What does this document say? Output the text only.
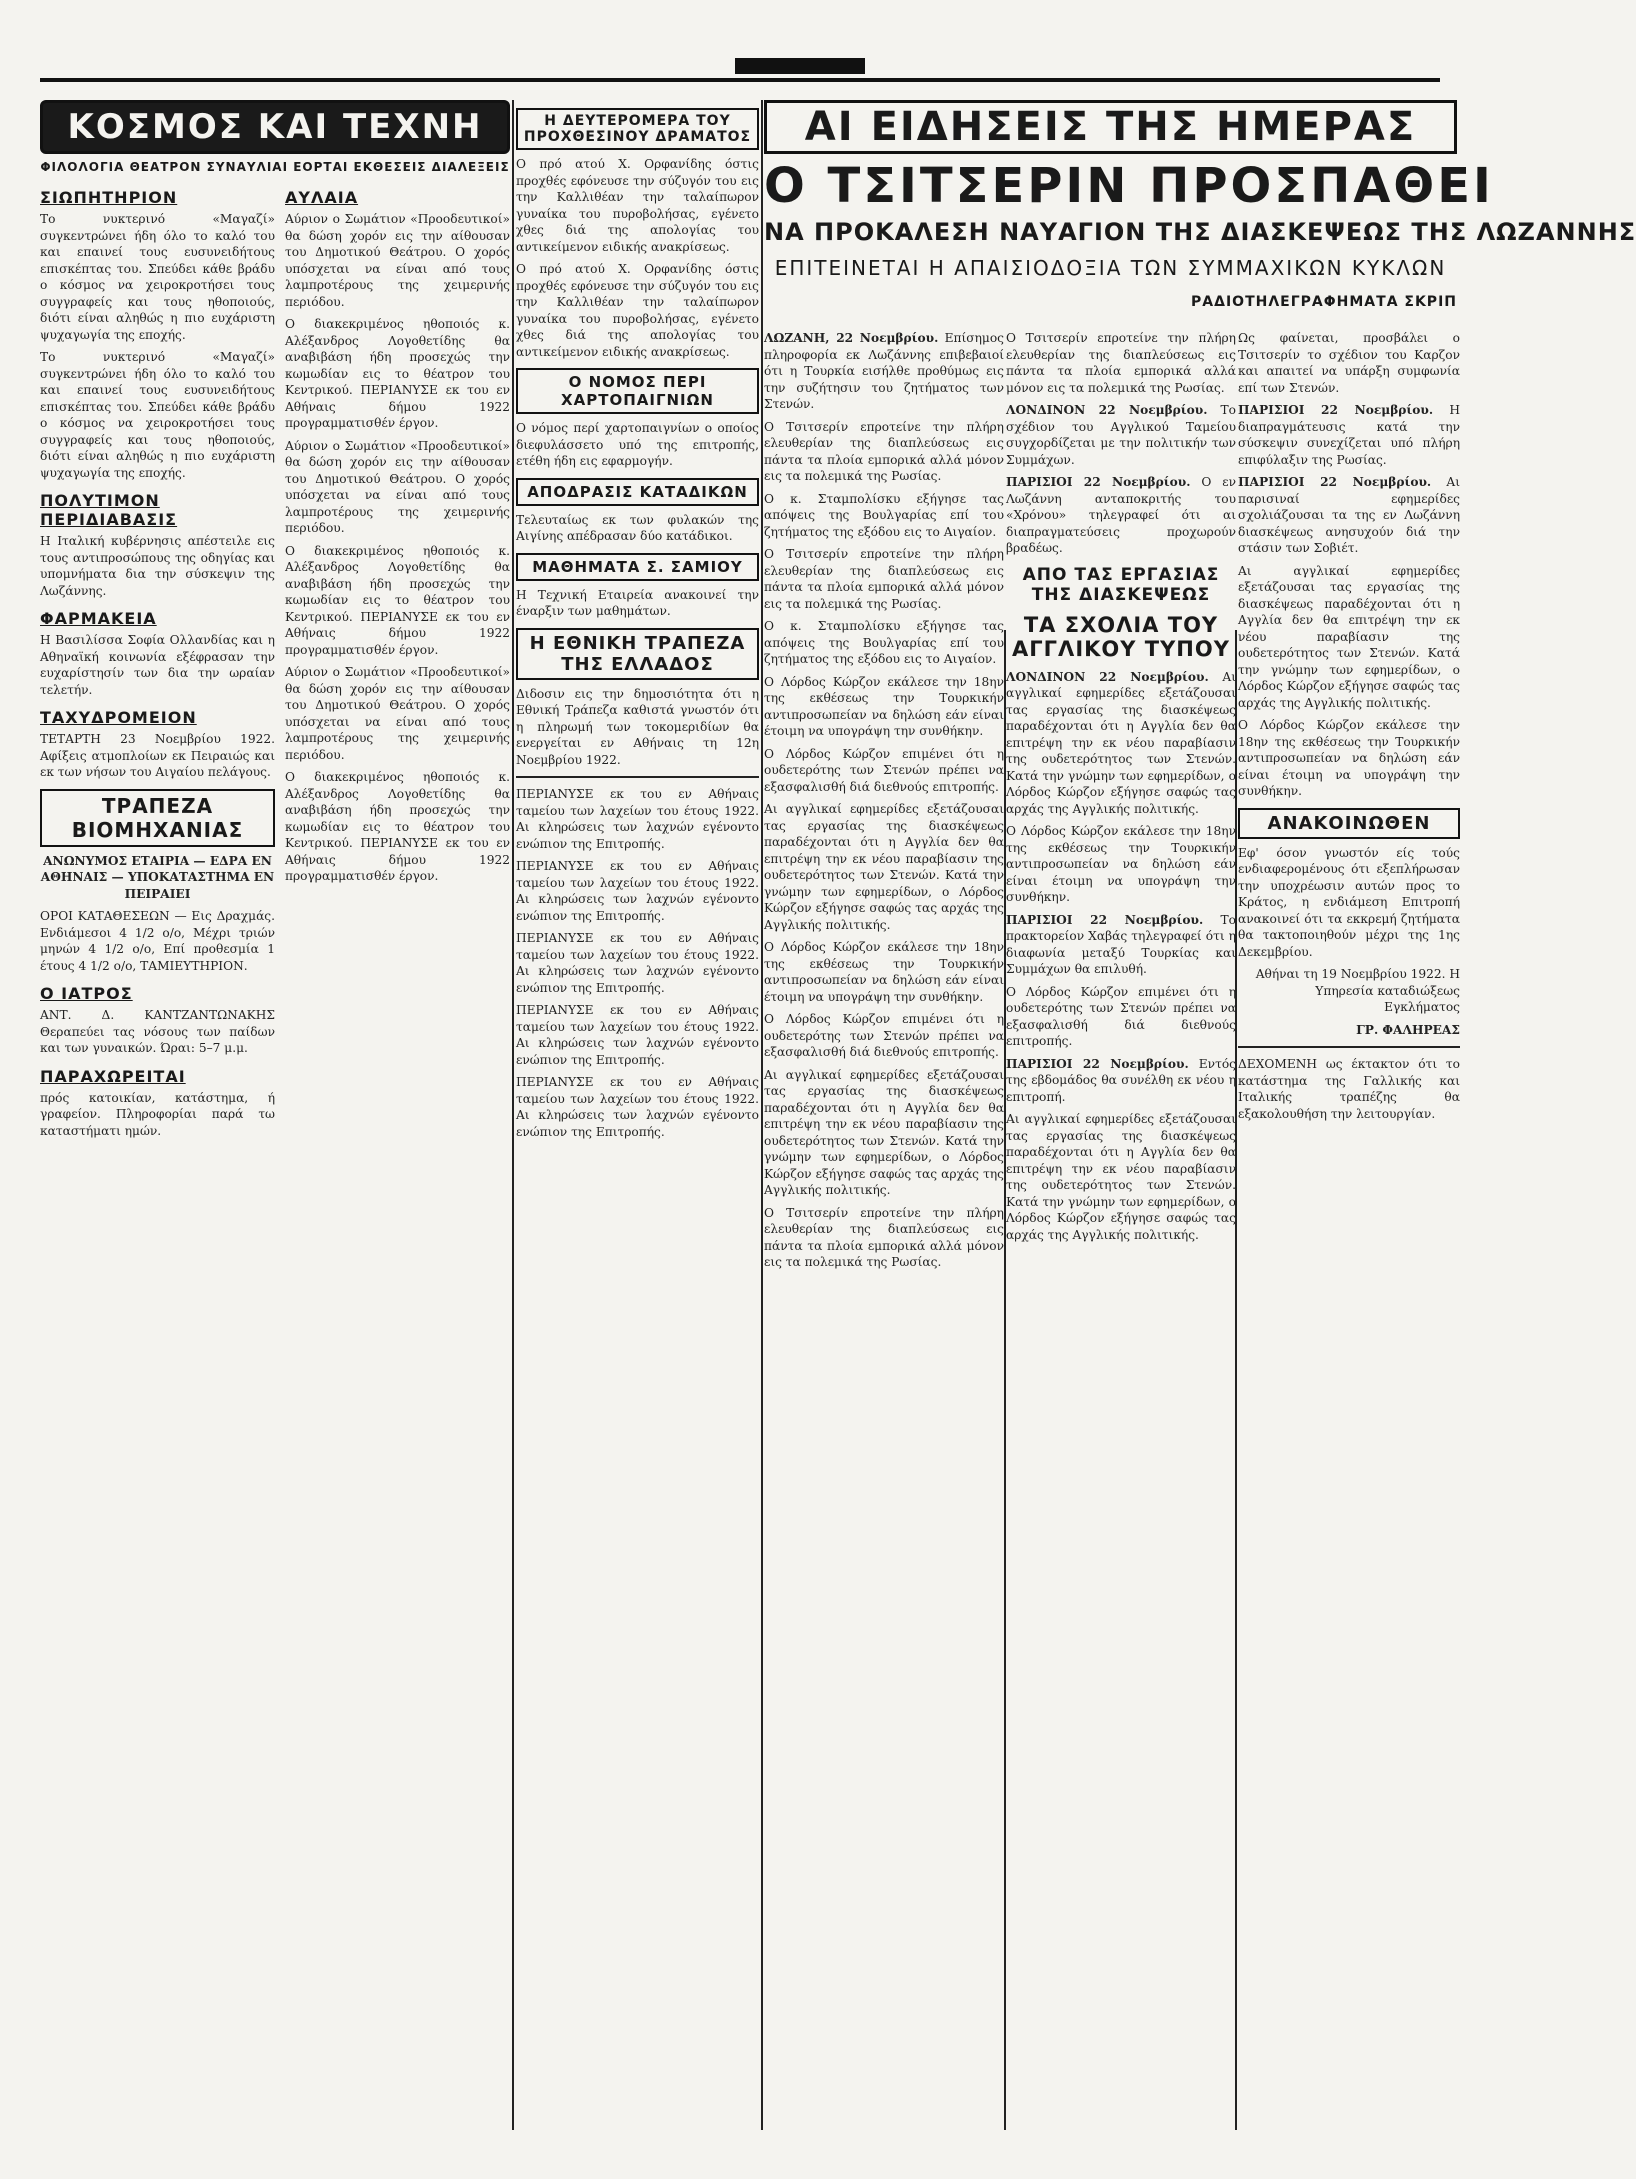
ΚΟΣΜΟΣ ΚΑΙ ΤΕΧΝΗ
ΦΙΛΟΛΟΓΙΑ ΘΕΑΤΡΟΝ ΣΥΝΑΥΛΙΑΙ ΕΟΡΤΑΙ ΕΚΘΕΣΕΙΣ ΔΙΑΛΕΞΕΙΣ
ΣΙΩΠΗΤΗΡΙΟΝ

Το νυκτερινό «Μαγαζί» συγκεντρώνει ήδη όλο το καλό του και επαινεί τους ευσυνειδήτους επισκέπτας του. Σπεύδει κάθε βράδυ ο κόσμος να χειροκροτήσει τους συγγραφείς και τους ηθοποιούς, διότι είναι αληθώς η πιο ευχάριστη ψυχαγωγία της εποχής.

Το νυκτερινό «Μαγαζί» συγκεντρώνει ήδη όλο το καλό του και επαινεί τους ευσυνειδήτους επισκέπτας του. Σπεύδει κάθε βράδυ ο κόσμος να χειροκροτήσει τους συγγραφείς και τους ηθοποιούς, διότι είναι αληθώς η πιο ευχάριστη ψυχαγωγία της εποχής.

ΠΟΛΥΤΙΜΟΝ ΠΕΡΙΔΙΑΒΑΣΙΣ

Η Ιταλική κυβέρνησις απέστειλε εις τους αντιπροσώπους της οδηγίας και υπομνήματα δια την σύσκεψιν της Λωζάννης.

ΦΑΡΜΑΚΕΙΑ

Η Βασιλίσσα Σοφία Ολλανδίας και η Αθηναϊκή κοινωνία εξέφρασαν την ευχαρίστησίν των δια την ωραίαν τελετήν.

ΤΑΧΥΔΡΟΜΕΙΟΝ

ΤΕΤΑΡΤΗ 23 Νοεμβρίου 1922. Αφίξεις ατμοπλοίων εκ Πειραιώς και εκ των νήσων του Αιγαίου πελάγους.

ΤΡΑΠΕΖΑ ΒΙΟΜΗΧΑΝΙΑΣ

ΑΝΩΝΥΜΟΣ ΕΤΑΙΡΙΑ — ΕΔΡΑ ΕΝ ΑΘΗΝΑΙΣ — ΥΠΟΚΑΤΑΣΤΗΜΑ ΕΝ ΠΕΙΡΑΙΕΙ

ΟΡΟΙ ΚΑΤΑΘΕΣΕΩΝ — Εις Δραχμάς. Ενδιάμεσοι 4 1/2 ο/ο, Μέχρι τριών μηνών 4 1/2 ο/ο, Επί προθεσμία 1 έτους 4 1/2 ο/ο, ΤΑΜΙΕΥΤΗΡΙΟΝ.

Ο ΙΑΤΡΟΣ

ΑΝΤ. Δ. ΚΑΝΤΖΑΝΤΩΝΑΚΗΣ Θεραπεύει τας νόσους των παίδων και των γυναικών. Ώραι: 5–7 μ.μ.

ΠΑΡΑΧΩΡΕΙΤΑΙ

πρός κατοικίαν, κατάστημα, ή γραφείον. Πληροφορίαι παρά τω καταστήματι ημών.

ΑΥΛΑΙΑ

Αύριον ο Σωμάτιον «Προοδευτικοί» θα δώση χορόν εις την αίθουσαν του Δημοτικού Θεάτρου. Ο χορός υπόσχεται να είναι από τους λαμπροτέρους της χειμερινής περιόδου.

Ο διακεκριμένος ηθοποιός κ. Αλέξανδρος Λογοθετίδης θα αναβιβάση ήδη προσεχώς την κωμωδίαν εις το θέατρον του Κεντρικού. ΠΕΡΙΑΝΥΣΕ εκ του εν Αθήναις δήμου 1922 προγραμματισθέν έργον.

Αύριον ο Σωμάτιον «Προοδευτικοί» θα δώση χορόν εις την αίθουσαν του Δημοτικού Θεάτρου. Ο χορός υπόσχεται να είναι από τους λαμπροτέρους της χειμερινής περιόδου.

Ο διακεκριμένος ηθοποιός κ. Αλέξανδρος Λογοθετίδης θα αναβιβάση ήδη προσεχώς την κωμωδίαν εις το θέατρον του Κεντρικού. ΠΕΡΙΑΝΥΣΕ εκ του εν Αθήναις δήμου 1922 προγραμματισθέν έργον.

Αύριον ο Σωμάτιον «Προοδευτικοί» θα δώση χορόν εις την αίθουσαν του Δημοτικού Θεάτρου. Ο χορός υπόσχεται να είναι από τους λαμπροτέρους της χειμερινής περιόδου.

Ο διακεκριμένος ηθοποιός κ. Αλέξανδρος Λογοθετίδης θα αναβιβάση ήδη προσεχώς την κωμωδίαν εις το θέατρον του Κεντρικού. ΠΕΡΙΑΝΥΣΕ εκ του εν Αθήναις δήμου 1922 προγραμματισθέν έργον.

Η ΔΕΥΤΕΡΟΜΕΡΑ ΤΟΥ ΠΡΟΧΘΕΣΙΝΟΥ ΔΡΑΜΑΤΟΣ

Ο πρό ατού Χ. Ορφανίδης όστις προχθές εφόνευσε την σύζυγόν του εις την Καλλιθέαν την ταλαίπωρον γυναίκα του πυροβολήσας, εγένετο χθες διά της απολογίας του αντικείμενον ειδικής ανακρίσεως.

Ο πρό ατού Χ. Ορφανίδης όστις προχθές εφόνευσε την σύζυγόν του εις την Καλλιθέαν την ταλαίπωρον γυναίκα του πυροβολήσας, εγένετο χθες διά της απολογίας του αντικείμενον ειδικής ανακρίσεως.

Ο ΝΟΜΟΣ ΠΕΡΙ ΧΑΡΤΟΠΑΙΓΝΙΩΝ

Ο νόμος περί χαρτοπαιγνίων ο οποίος διεφυλάσσετο υπό της επιτροπής, ετέθη ήδη εις εφαρμογήν.

ΑΠΟΔΡΑΣΙΣ ΚΑΤΑΔΙΚΩΝ

Τελευταίως εκ των φυλακών της Αιγίνης απέδρασαν δύο κατάδικοι.

ΜΑΘΗΜΑΤΑ Σ. ΣΑΜΙΟΥ

Η Τεχνική Εταιρεία ανακοινεί την έναρξιν των μαθημάτων.

Η ΕΘΝΙΚΗ ΤΡΑΠΕΖΑ ΤΗΣ ΕΛΛΑΔΟΣ

Διδοσιν εις την δημοσιότητα ότι η Εθνική Τράπεζα καθιστά γνωστόν ότι η πληρωμή των τοκομεριδίων θα ενεργείται εν Αθήναις τη 12η Νοεμβρίου 1922.

ΠΕΡΙΑΝΥΣΕ εκ του εν Αθήναις ταμείου των λαχείων του έτους 1922. Αι κληρώσεις των λαχνών εγένοντο ενώπιον της Επιτροπής.

ΠΕΡΙΑΝΥΣΕ εκ του εν Αθήναις ταμείου των λαχείων του έτους 1922. Αι κληρώσεις των λαχνών εγένοντο ενώπιον της Επιτροπής.

ΠΕΡΙΑΝΥΣΕ εκ του εν Αθήναις ταμείου των λαχείων του έτους 1922. Αι κληρώσεις των λαχνών εγένοντο ενώπιον της Επιτροπής.

ΠΕΡΙΑΝΥΣΕ εκ του εν Αθήναις ταμείου των λαχείων του έτους 1922. Αι κληρώσεις των λαχνών εγένοντο ενώπιον της Επιτροπής.

ΠΕΡΙΑΝΥΣΕ εκ του εν Αθήναις ταμείου των λαχείων του έτους 1922. Αι κληρώσεις των λαχνών εγένοντο ενώπιον της Επιτροπής.

ΑΙ ΕΙΔΗΣΕΙΣ ΤΗΣ ΗΜΕΡΑΣ
Ο ΤΣΙΤΣΕΡΙΝ ΠΡΟΣΠΑΘΕΙ
ΝΑ ΠΡΟΚΑΛΕΣΗ ΝΑΥΑΓΙΟΝ ΤΗΣ ΔΙΑΣΚΕΨΕΩΣ ΤΗΣ ΛΩΖΑΝΝΗΣ
ΕΠΙΤΕΙΝΕΤΑΙ Η ΑΠΑΙΣΙΟΔΟΞΙΑ ΤΩΝ ΣΥΜΜΑΧΙΚΩΝ ΚΥΚΛΩΝ
ΡΑΔΙΟΤΗΛΕΓΡΑΦΗΜΑΤΑ ΣΚΡΙΠ

ΛΩΖΑΝΗ, 22 Νοεμβρίου. Επίσημος πληροφορία εκ Λωζάννης επιβεβαιοί ότι η Τουρκία εισήλθε προθύμως εις την συζήτησιν του ζητήματος των Στενών.

Ο Τσιτσερίν επροτείνε την πλήρη ελευθερίαν της διαπλεύσεως εις πάντα τα πλοία εμπορικά αλλά μόνον εις τα πολεμικά της Ρωσίας.

Ο κ. Σταμπολίσκυ εξήγησε τας απόψεις της Βουλγαρίας επί του ζητήματος της εξόδου εις το Αιγαίον.

Ο Τσιτσερίν επροτείνε την πλήρη ελευθερίαν της διαπλεύσεως εις πάντα τα πλοία εμπορικά αλλά μόνον εις τα πολεμικά της Ρωσίας.

Ο κ. Σταμπολίσκυ εξήγησε τας απόψεις της Βουλγαρίας επί του ζητήματος της εξόδου εις το Αιγαίον.

Ο Λόρδος Κώρζον εκάλεσε την 18ην της εκθέσεως την Τουρκικήν αντιπροσωπείαν να δηλώση εάν είναι έτοιμη να υπογράψη την συνθήκην.

Ο Λόρδος Κώρζον επιμένει ότι η ουδετερότης των Στενών πρέπει να εξασφαλισθή διά διεθνούς επιτροπής.

Αι αγγλικαί εφημερίδες εξετάζουσαι τας εργασίας της διασκέψεως παραδέχονται ότι η Αγγλία δεν θα επιτρέψη την εκ νέου παραβίασιν της ουδετερότητος των Στενών. Κατά την γνώμην των εφημερίδων, ο Λόρδος Κώρζον εξήγησε σαφώς τας αρχάς της Αγγλικής πολιτικής.

Ο Λόρδος Κώρζον εκάλεσε την 18ην της εκθέσεως την Τουρκικήν αντιπροσωπείαν να δηλώση εάν είναι έτοιμη να υπογράψη την συνθήκην.

Ο Λόρδος Κώρζον επιμένει ότι η ουδετερότης των Στενών πρέπει να εξασφαλισθή διά διεθνούς επιτροπής.

Αι αγγλικαί εφημερίδες εξετάζουσαι τας εργασίας της διασκέψεως παραδέχονται ότι η Αγγλία δεν θα επιτρέψη την εκ νέου παραβίασιν της ουδετερότητος των Στενών. Κατά την γνώμην των εφημερίδων, ο Λόρδος Κώρζον εξήγησε σαφώς τας αρχάς της Αγγλικής πολιτικής.

Ο Τσιτσερίν επροτείνε την πλήρη ελευθερίαν της διαπλεύσεως εις πάντα τα πλοία εμπορικά αλλά μόνον εις τα πολεμικά της Ρωσίας.

Ο Τσιτσερίν επροτείνε την πλήρη ελευθερίαν της διαπλεύσεως εις πάντα τα πλοία εμπορικά αλλά μόνον εις τα πολεμικά της Ρωσίας.

ΛΟΝΔΙΝΟΝ 22 Νοεμβρίου. Το σχέδιον του Αγγλικού Ταμείου συγχορδίζεται με την πολιτικήν των Συμμάχων.

ΠΑΡΙΣΙΟΙ 22 Νοεμβρίου. Ο εν Λωζάννη ανταποκριτής του «Χρόνου» τηλεγραφεί ότι αι διαπραγματεύσεις προχωρούν βραδέως.

ΑΠΟ ΤΑΣ ΕΡΓΑΣΙΑΣ ΤΗΣ ΔΙΑΣΚΕΨΕΩΣ
ΤΑ ΣΧΟΛΙΑ ΤΟΥ ΑΓΓΛΙΚΟΥ ΤΥΠΟΥ

ΛΟΝΔΙΝΟΝ 22 Νοεμβρίου. Αι αγγλικαί εφημερίδες εξετάζουσαι τας εργασίας της διασκέψεως παραδέχονται ότι η Αγγλία δεν θα επιτρέψη την εκ νέου παραβίασιν της ουδετερότητος των Στενών. Κατά την γνώμην των εφημερίδων, ο Λόρδος Κώρζον εξήγησε σαφώς τας αρχάς της Αγγλικής πολιτικής.

Ο Λόρδος Κώρζον εκάλεσε την 18ην της εκθέσεως την Τουρκικήν αντιπροσωπείαν να δηλώση εάν είναι έτοιμη να υπογράψη την συνθήκην.

ΠΑΡΙΣΙΟΙ 22 Νοεμβρίου. Το πρακτορείον Χαβάς τηλεγραφεί ότι η διαφωνία μεταξύ Τουρκίας και Συμμάχων θα επιλυθή.

Ο Λόρδος Κώρζον επιμένει ότι η ουδετερότης των Στενών πρέπει να εξασφαλισθή διά διεθνούς επιτροπής.

ΠΑΡΙΣΙΟΙ 22 Νοεμβρίου. Εντός της εβδομάδος θα συνέλθη εκ νέου η επιτροπή.

Αι αγγλικαί εφημερίδες εξετάζουσαι τας εργασίας της διασκέψεως παραδέχονται ότι η Αγγλία δεν θα επιτρέψη την εκ νέου παραβίασιν της ουδετερότητος των Στενών. Κατά την γνώμην των εφημερίδων, ο Λόρδος Κώρζον εξήγησε σαφώς τας αρχάς της Αγγλικής πολιτικής.

Ως φαίνεται, προσβάλει ο Τσιτσερίν το σχέδιον του Καρζον και απαιτεί να υπάρξη συμφωνία επί των Στενών.

ΠΑΡΙΣΙΟΙ 22 Νοεμβρίου. Η διαπραγμάτευσις κατά την σύσκεψιν συνεχίζεται υπό πλήρη επιφύλαξιν της Ρωσίας.

ΠΑΡΙΣΙΟΙ 22 Νοεμβρίου. Αι παρισιναί εφημερίδες σχολιάζουσαι τα της εν Λωζάννη διασκέψεως ανησυχούν διά την στάσιν των Σοβιέτ.

Αι αγγλικαί εφημερίδες εξετάζουσαι τας εργασίας της διασκέψεως παραδέχονται ότι η Αγγλία δεν θα επιτρέψη την εκ νέου παραβίασιν της ουδετερότητος των Στενών. Κατά την γνώμην των εφημερίδων, ο Λόρδος Κώρζον εξήγησε σαφώς τας αρχάς της Αγγλικής πολιτικής.

Ο Λόρδος Κώρζον εκάλεσε την 18ην της εκθέσεως την Τουρκικήν αντιπροσωπείαν να δηλώση εάν είναι έτοιμη να υπογράψη την συνθήκην.

ΑΝΑΚΟΙΝΩΘΕΝ

Εφ' όσον γνωστόν είς τούς ενδιαφερομένους ότι εξεπλήρωσαν την υποχρέωσιν αυτών προς το Κράτος, η ενδιάμεση Επιτροπή ανακοινεί ότι τα εκκρεμή ζητήματα θα τακτοποιηθούν μέχρι της 1ης Δεκεμβρίου.

Αθήναι τη 19 Νοεμβρίου 1922. Η Υπηρεσία καταδιώξεως Εγκλήματος

ΓΡ. ΦΑΛΗΡΕΑΣ

ΔΕΧΟΜΕΝΗ ως έκτακτον ότι το κατάστημα της Γαλλικής και Ιταλικής τραπέζης θα εξακολουθήση την λειτουργίαν.
